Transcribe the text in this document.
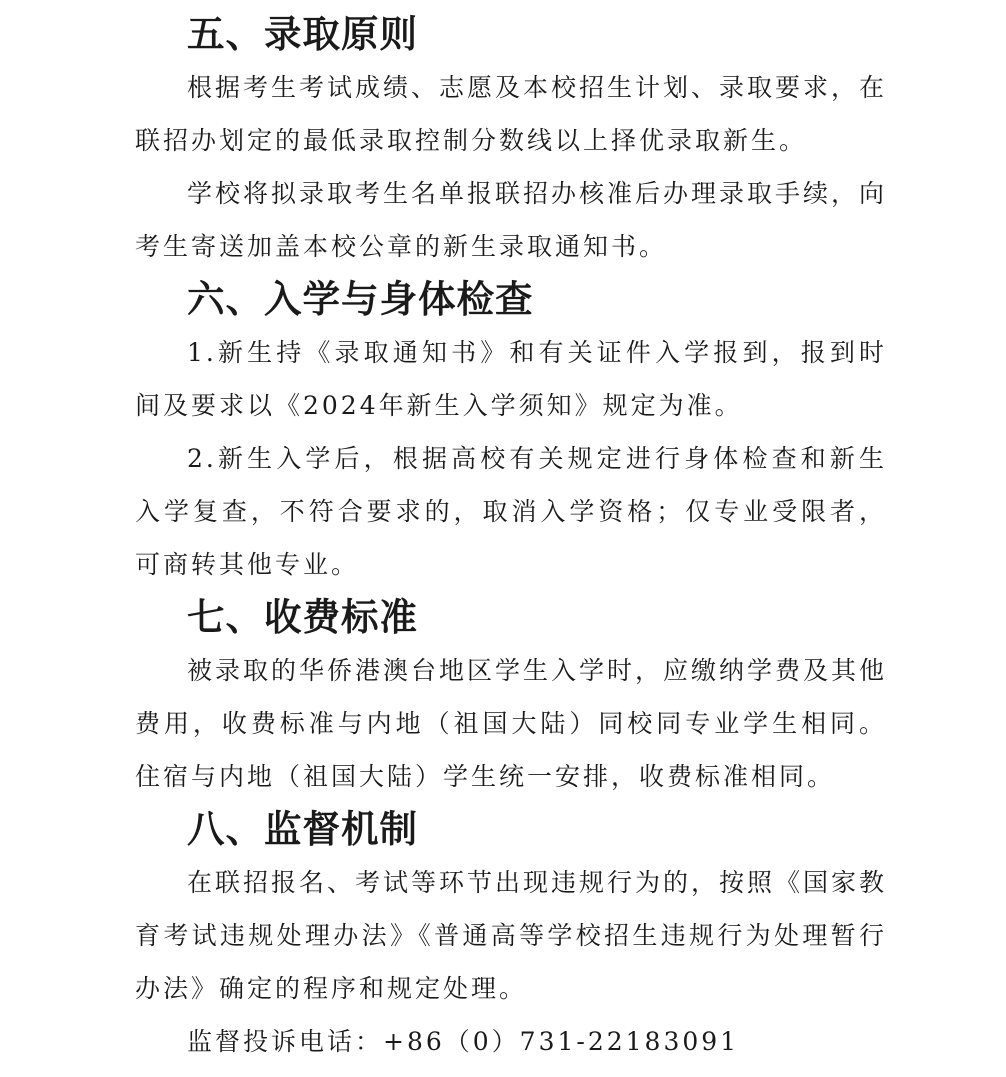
五、录取原则

根据考生考试成绩、志愿及本校招生计划、录取要求，在联招办划定的最低录取控制分数线以上择优录取新生。

学校将拟录取考生名单报联招办核准后办理录取手续，向考生寄送加盖本校公章的新生录取通知书。

六、入学与身体检查

1.新生持《录取通知书》和有关证件入学报到，报到时间及要求以《2024年新生入学须知》规定为准。

2.新生入学后，根据高校有关规定进行身体检查和新生入学复查，不符合要求的，取消入学资格；仅专业受限者，可商转其他专业。

七、收费标准

被录取的华侨港澳台地区学生入学时，应缴纳学费及其他费用，收费标准与内地（祖国大陆）同校同专业学生相同。住宿与内地（祖国大陆）学生统一安排，收费标准相同。

八、监督机制

在联招报名、考试等环节出现违规行为的，按照《国家教育考试违规处理办法》《普通高等学校招生违规行为处理暂行办法》确定的程序和规定处理。

监督投诉电话：+86（0）731-22183091
